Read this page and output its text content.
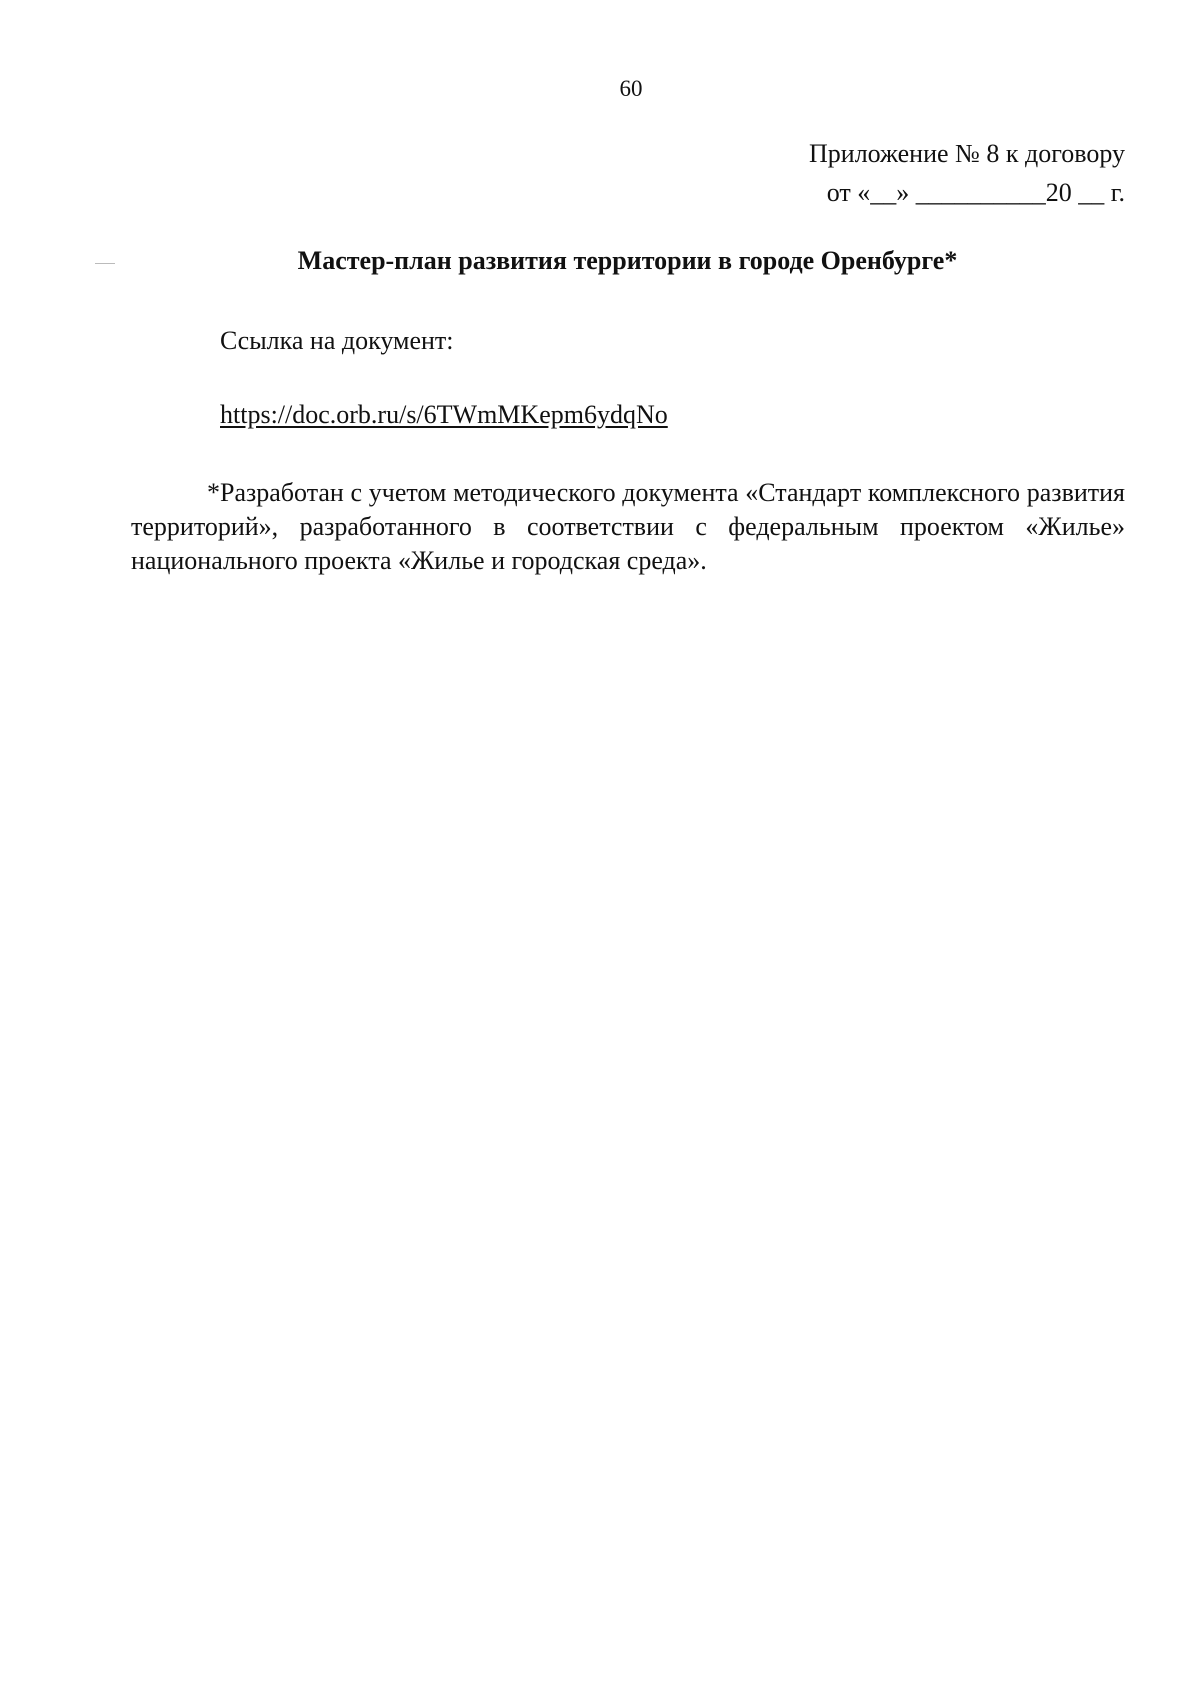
60
Приложение № 8 к договору
от «__» __________20 __ г.
Мастер-план развития территории в городе Оренбурге*
Ссылка на документ:
https://doc.orb.ru/s/6TWmMKepm6ydqNo

*Разработан с учетом методического документа «Стандарт комплексного развития территорий», разработанного в соответствии с федеральным проектом «Жилье» национального проекта «Жилье и городская среда».
